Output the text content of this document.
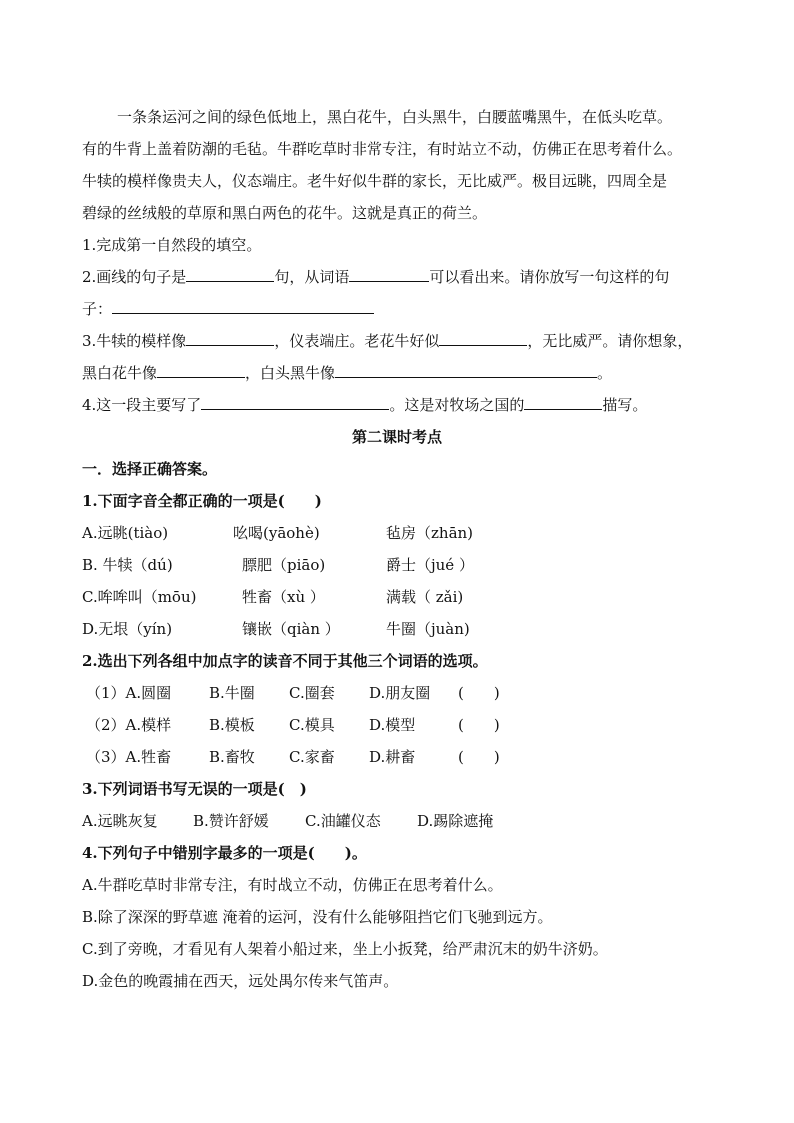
一条条运河之间的绿色低地上，黑白花牛，白头黑牛，白腰蓝嘴黑牛，在低头吃草。
有的牛背上盖着防潮的毛毡。牛群吃草时非常专注，有时站立不动，仿佛正在思考着什么。
牛犊的模样像贵夫人，仪态端庄。老牛好似牛群的家长，无比威严。极目远眺，四周全是
碧绿的丝绒般的草原和黑白两色的花牛。这就是真正的荷兰。
1.完成第一自然段的填空。
2.画线的句子是	句，从词语	可以看出来。请你放写一句这样的句
子：
3.牛犊的模样像	，仪表端庄。老花牛好似	，无比威严。请你想象，
黑白花牛像	，白头黑牛像	。
4.这一段主要写了	。这是对牧场之国的	描写。
第二课时考点
一．选择正确答案。
1.下面字音全都正确的一项是(　　)
A.远眺(tiào)	吆喝(yāohè)	毡房（zhān)
B. 牛犊（dú)	膘肥（piāo)	爵士（jué ）
C.哞哞叫（mōu)	牲畜（xù ）	满载（ zǎi)
D.无垠（yín)	镶嵌（qiàn ）	牛圈（juàn)
2.选出下列各组中加点字的读音不同于其他三个词语的选项。
（1）A.圆圈	B.牛圈 C.圈套 D.朋友圈 (　　)
（2）A.模样	B.模板 C.模具 D.模型	(　　)
（3）A.牲畜	B.畜牧 C.家畜 D.耕畜	(　　)
3.下列词语书写无误的一项是(　)
A.远眺灰复 B.赞许舒媛 C.油罐仪态 D.踢除遮掩
4.下列句子中错别字最多的一项是(　　)。
A.牛群吃草时非常专注，有时战立不动，仿佛正在思考着什么。
B.除了深深的野草遮 淹着的运河，没有什么能够阻挡它们飞驰到远方。
C.到了旁晚，才看见有人架着小船过来，坐上小扳凳，给严肃沉末的奶牛济奶。
D.金色的晚霞捕在西天，远处禺尔传来气笛声。
